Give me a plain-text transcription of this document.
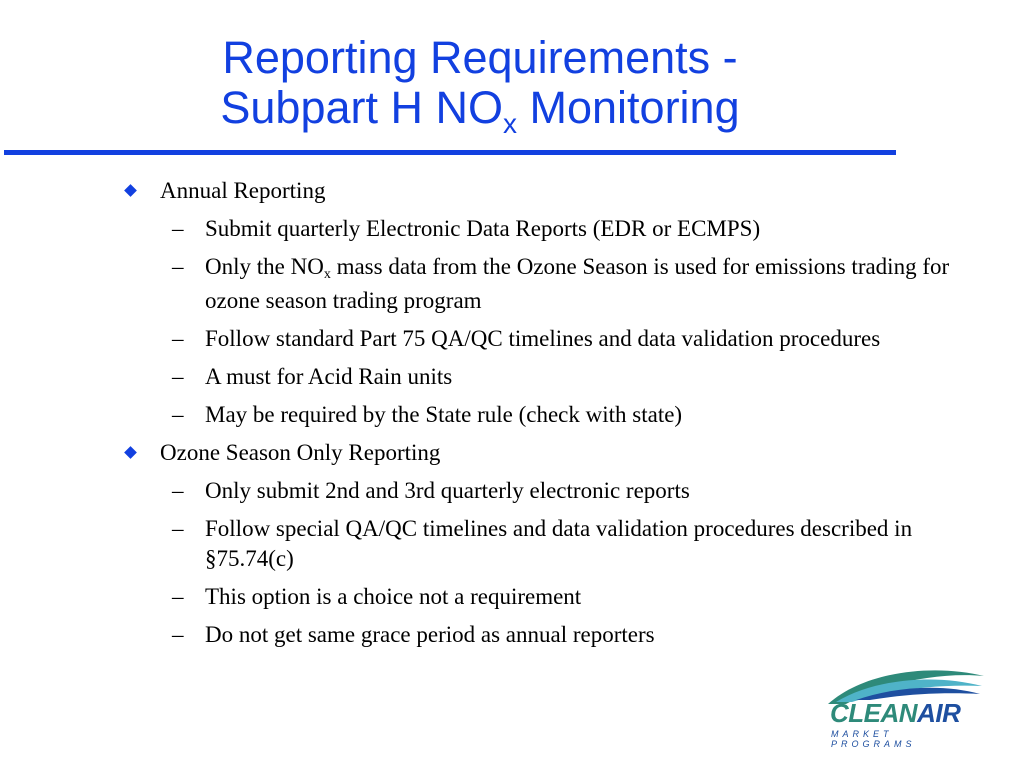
Reporting Requirements -
Subpart H $NO_x$ Monitoring
Annual Reporting
– Submit quarterly Electronic Data Reports (EDR or ECMPS)
– Only the $NO_x$ mass data from the Ozone Season is used for emissions trading for ozone season trading program
– Follow standard Part 75 QA/QC timelines and data validation procedures
– A must for Acid Rain units
– May be required by the State rule (check with state)
Ozone Season Only Reporting
– Only submit 2nd and 3rd quarterly electronic reports
– Follow special QA/QC timelines and data validation procedures described in §75.74(c)
– This option is a choice not a requirement
– Do not get same grace period as annual reporters
CLEANAIR
MARKET PROGRAMS
